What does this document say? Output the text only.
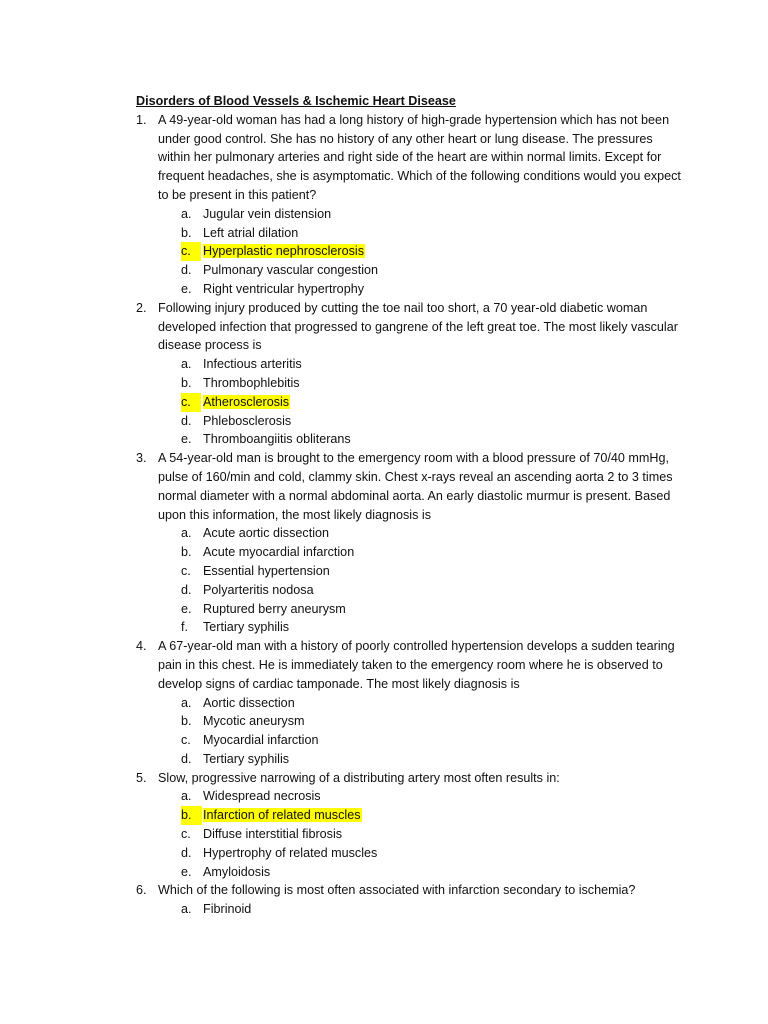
Disorders of Blood Vessels & Ischemic Heart Disease
1. A 49-year-old woman has had a long history of high-grade hypertension which has not been under good control. She has no history of any other heart or lung disease. The pressures within her pulmonary arteries and right side of the heart are within normal limits. Except for frequent headaches, she is asymptomatic. Which of the following conditions would you expect to be present in this patient?
a. Jugular vein distension
b. Left atrial dilation
c. Hyperplastic nephrosclerosis
d. Pulmonary vascular congestion
e. Right ventricular hypertrophy
2. Following injury produced by cutting the toe nail too short, a 70 year-old diabetic woman developed infection that progressed to gangrene of the left great toe. The most likely vascular disease process is
a. Infectious arteritis
b. Thrombophlebitis
c. Atherosclerosis
d. Phlebosclerosis
e. Thromboangiitis obliterans
3. A 54-year-old man is brought to the emergency room with a blood pressure of 70/40 mmHg, pulse of 160/min and cold, clammy skin. Chest x-rays reveal an ascending aorta 2 to 3 times normal diameter with a normal abdominal aorta. An early diastolic murmur is present. Based upon this information, the most likely diagnosis is
a. Acute aortic dissection
b. Acute myocardial infarction
c. Essential hypertension
d. Polyarteritis nodosa
e. Ruptured berry aneurysm
f. Tertiary syphilis
4. A 67-year-old man with a history of poorly controlled hypertension develops a sudden tearing pain in this chest. He is immediately taken to the emergency room where he is observed to develop signs of cardiac tamponade. The most likely diagnosis is
a. Aortic dissection
b. Mycotic aneurysm
c. Myocardial infarction
d. Tertiary syphilis
5. Slow, progressive narrowing of a distributing artery most often results in:
a. Widespread necrosis
b. Infarction of related muscles
c. Diffuse interstitial fibrosis
d. Hypertrophy of related muscles
e. Amyloidosis
6. Which of the following is most often associated with infarction secondary to ischemia?
a. Fibrinoid
